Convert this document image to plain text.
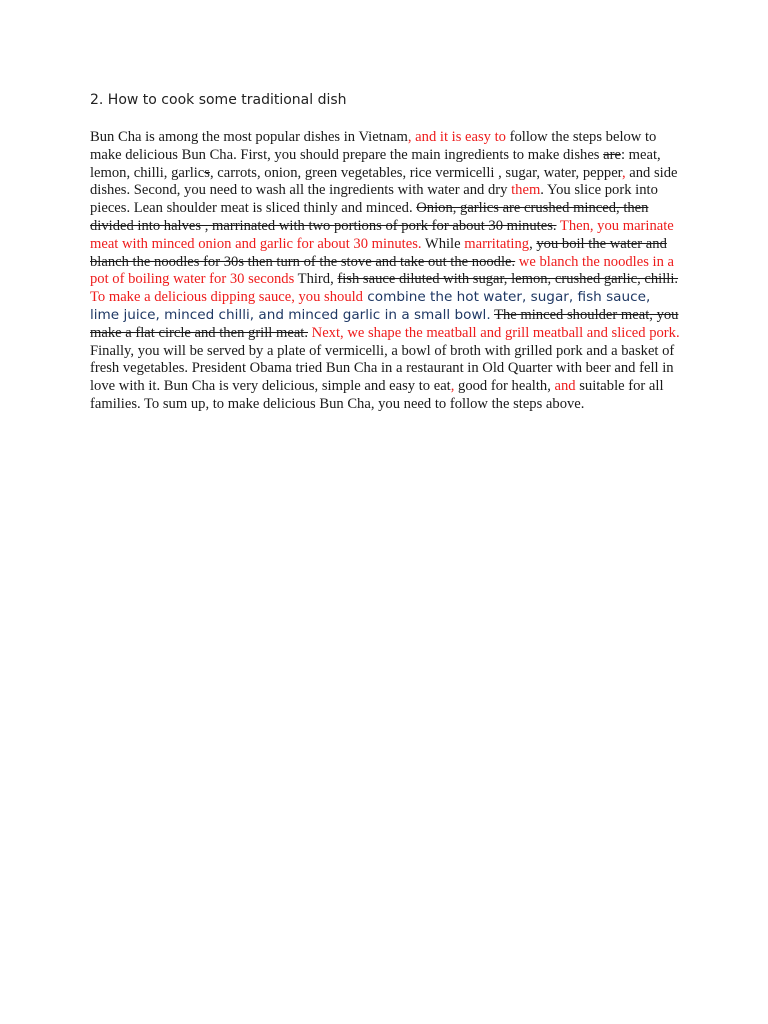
2. How to cook some traditional dish

Bun Cha is among the most popular dishes in Vietnam, and it is easy to follow the steps below to make delicious Bun Cha. First, you should prepare the main ingredients to make dishes are: meat, lemon, chilli, garlics, carrots, onion, green vegetables, rice vermicelli , sugar, water, pepper, and side dishes. Second, you need to wash all the ingredients with water and dry them. You slice pork into pieces. Lean shoulder meat is sliced thinly and minced. Onion, garlics are crushed minced, then divided into halves , marrinated with two portions of pork for about 30 minutes. Then, you marinate meat with minced onion and garlic for about 30 minutes. While marritating, you boil the water and blanch the noodles for 30s then turn of the stove and take out the noodle. we blanch the noodles in a pot of boiling water for 30 seconds Third, fish sauce diluted with sugar, lemon, crushed garlic, chilli. To make a delicious dipping sauce, you should combine the hot water, sugar, fish sauce, lime juice, minced chilli, and minced garlic in a small bowl. The minced shoulder meat, you make a flat circle and then grill meat. Next, we shape the meatball and grill meatball and sliced pork. Finally, you will be served by a plate of vermicelli, a bowl of broth with grilled pork and a basket of fresh vegetables. President Obama tried Bun Cha in a restaurant in Old Quarter with beer and fell in love with it. Bun Cha is very delicious, simple and easy to eat, good for health, and suitable for all families. To sum up, to make delicious Bun Cha, you need to follow the steps above.
